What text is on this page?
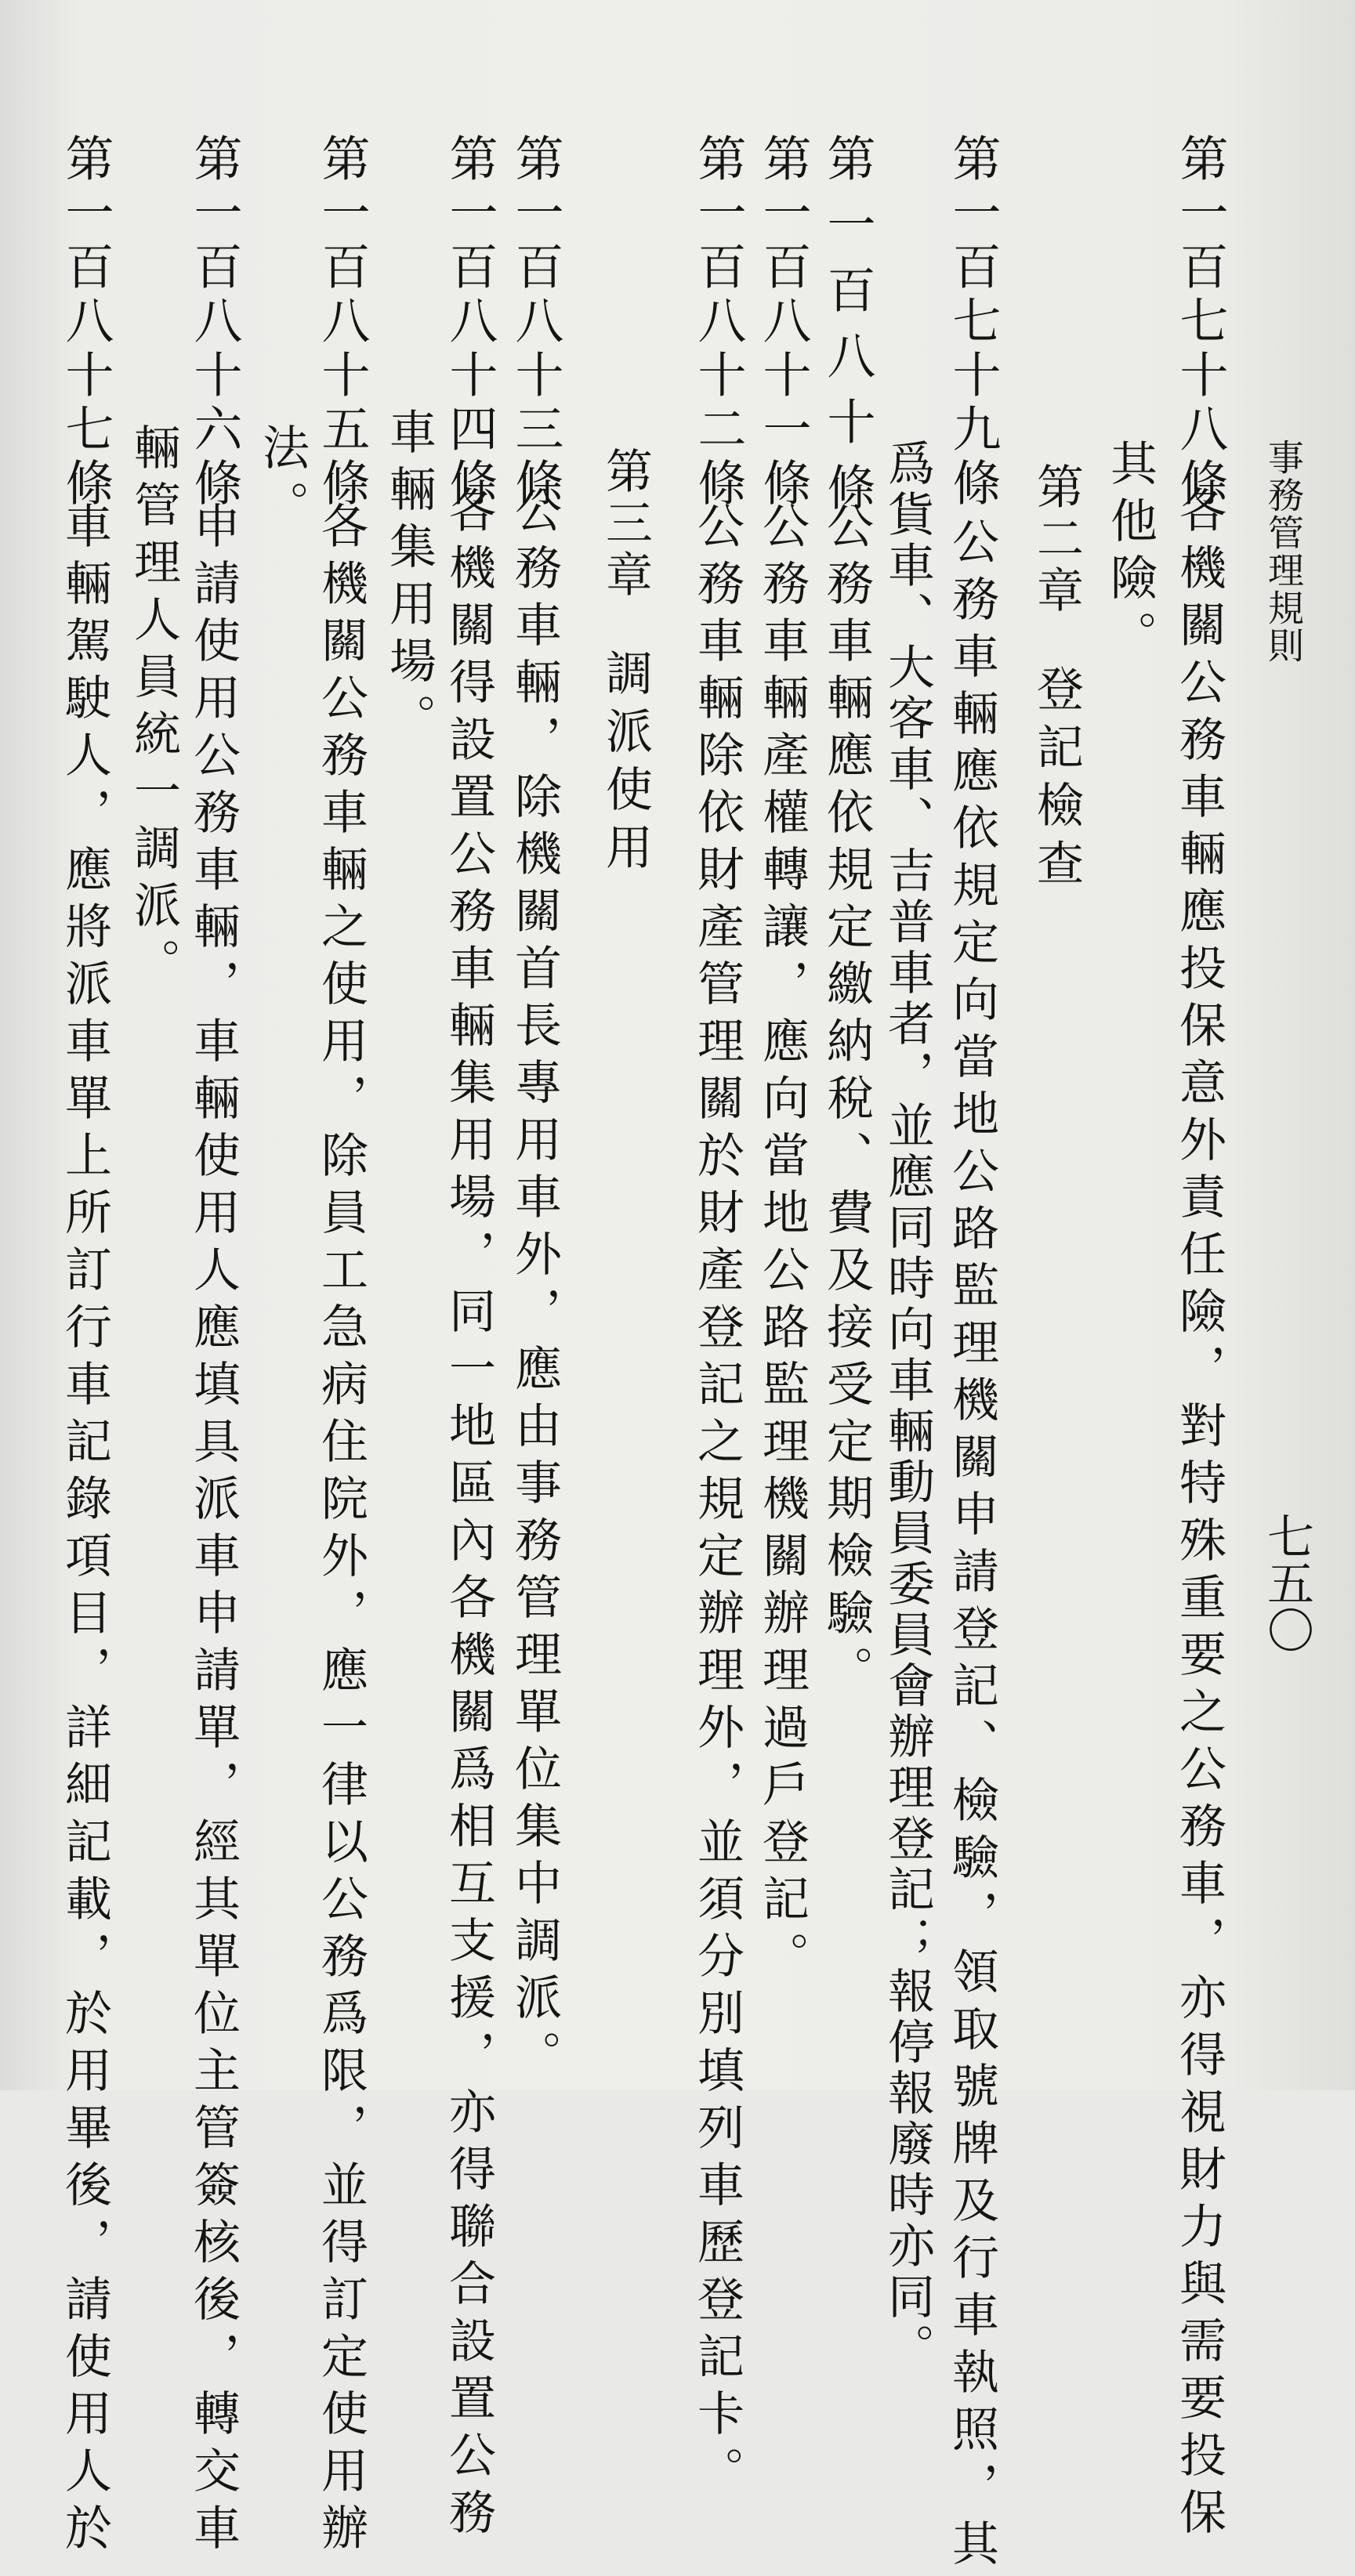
事務管理規則
七五〇
第一百七十八條
各機關公務車輛應投保意外責任險，對特殊重要之公務車，亦得視財力與需要投保
其他險。
第二章登記檢查
第一百七十九條
公務車輛應依規定向當地公路監理機關申請登記、檢驗，領取號牌及行車執照，其
爲貨車、大客車、吉普車者，並應同時向車輛動員委員會辦理登記；報停報廢時亦同。
第一百八十條
公務車輛應依規定繳納稅、費及接受定期檢驗。
第一百八十一條
公務車輛產權轉讓，應向當地公路監理機關辦理過戶登記。
第一百八十二條
公務車輛除依財產管理關於財產登記之規定辦理外，並須分別填列車歷登記卡。
第三章調派使用
第一百八十三條
公務車輛，除機關首長專用車外，應由事務管理單位集中調派。
第一百八十四條
各機關得設置公務車輛集用場，同一地區內各機關爲相互支援，亦得聯合設置公務
車輛集用場。
第一百八十五條
各機關公務車輛之使用，除員工急病住院外，應一律以公務爲限，並得訂定使用辦
法。
第一百八十六條
申請使用公務車輛，車輛使用人應填具派車申請單，經其單位主管簽核後，轉交車
輛管理人員統一調派。
第一百八十七條
車輛駕駛人，應將派車單上所訂行車記錄項目，詳細記載，於用畢後，請使用人於
